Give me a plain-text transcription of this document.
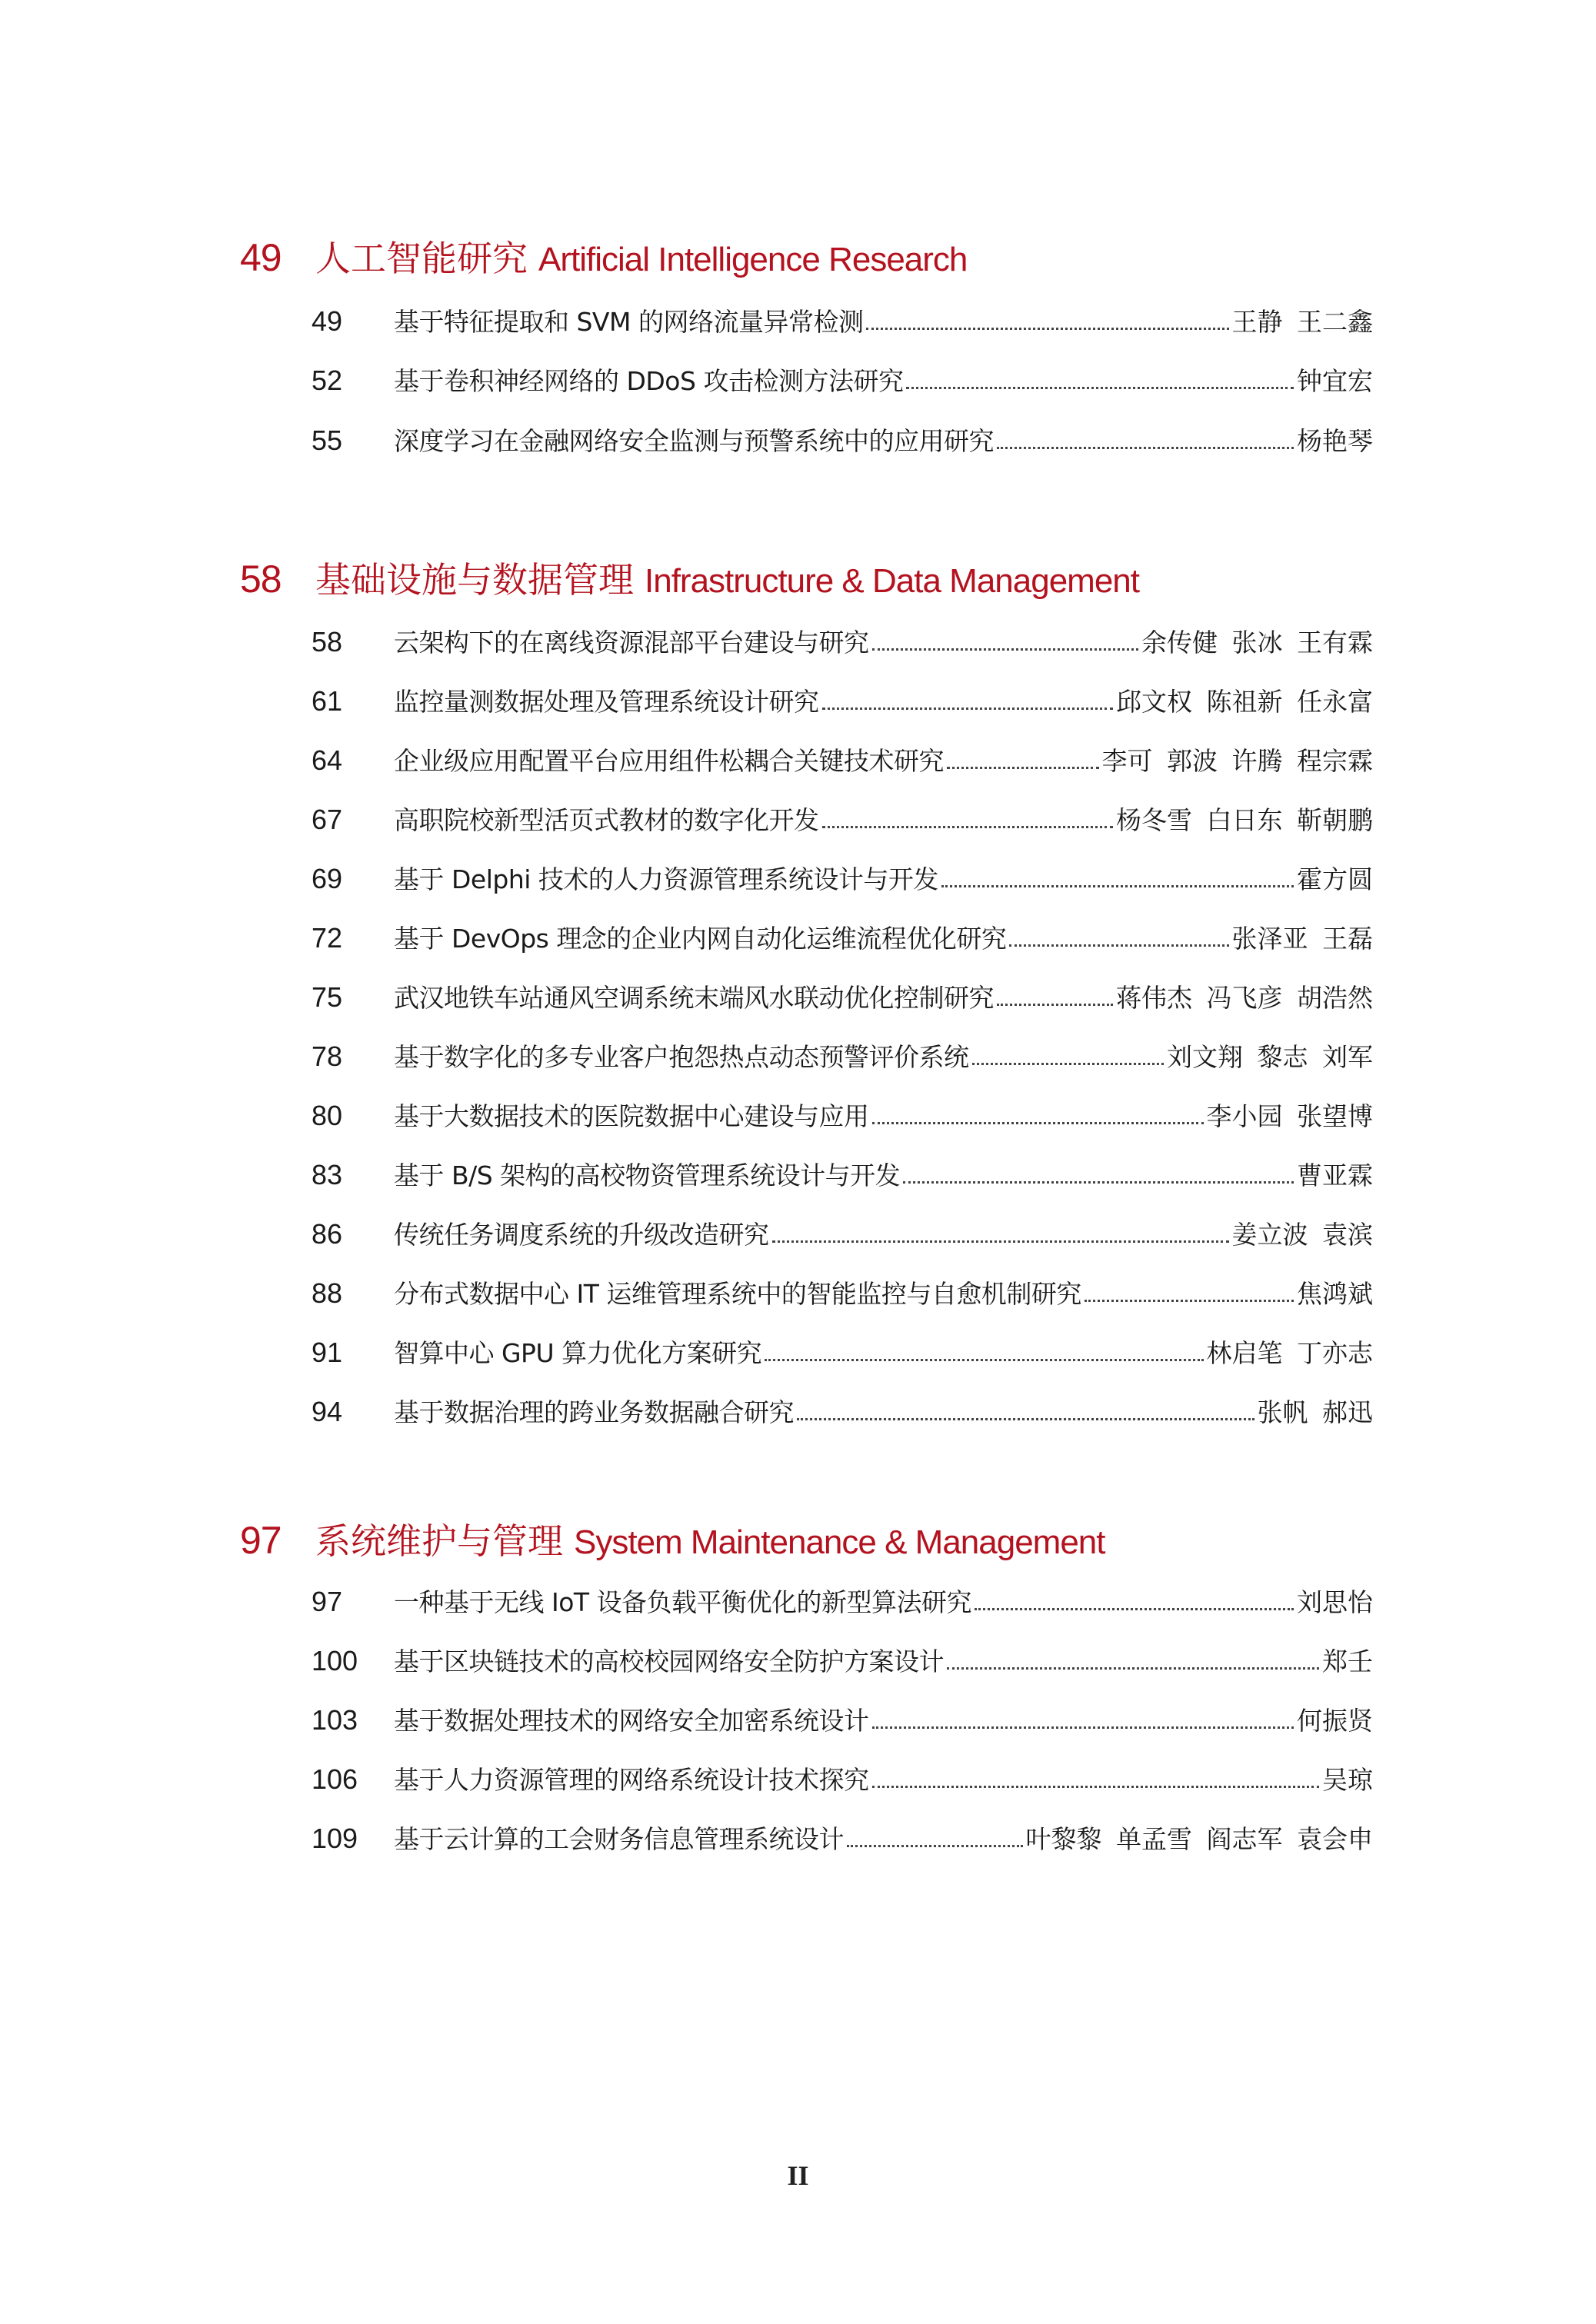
49 人工智能研究 Artificial Intelligence Research
49	基于特征提取和 SVM 的网络流量异常检测	王静 王二鑫
52	基于卷积神经网络的 DDoS 攻击检测方法研究	钟宜宏
55	深度学习在金融网络安全监测与预警系统中的应用研究	杨艳琴
58 基础设施与数据管理 Infrastructure & Data Management
58	云架构下的在离线资源混部平台建设与研究	余传健 张冰 王有霖
61	监控量测数据处理及管理系统设计研究	邱文权 陈祖新 任永富
64	企业级应用配置平台应用组件松耦合关键技术研究	李可 郭波 许腾 程宗霖
67	高职院校新型活页式教材的数字化开发	杨冬雪 白日东 靳朝鹏
69	基于 Delphi 技术的人力资源管理系统设计与开发	霍方圆
72	基于 DevOps 理念的企业内网自动化运维流程优化研究	张泽亚 王磊
75	武汉地铁车站通风空调系统末端风水联动优化控制研究	蒋伟杰 冯飞彦 胡浩然
78	基于数字化的多专业客户抱怨热点动态预警评价系统	刘文翔 黎志 刘军
80	基于大数据技术的医院数据中心建设与应用	李小园 张望博
83	基于 B/S 架构的高校物资管理系统设计与开发	曹亚霖
86	传统任务调度系统的升级改造研究	姜立波 袁滨
88	分布式数据中心 IT 运维管理系统中的智能监控与自愈机制研究	焦鸿斌
91	智算中心 GPU 算力优化方案研究	林启笔 丁亦志
94	基于数据治理的跨业务数据融合研究	张帆 郝迅
97 系统维护与管理 System Maintenance & Management
97	一种基于无线 IoT 设备负载平衡优化的新型算法研究	刘思怡
100	基于区块链技术的高校校园网络安全防护方案设计	郑壬
103	基于数据处理技术的网络安全加密系统设计	何振贤
106	基于人力资源管理的网络系统设计技术探究	吴琼
109	基于云计算的工会财务信息管理系统设计	叶黎黎 单孟雪 阎志军 袁会申
II
